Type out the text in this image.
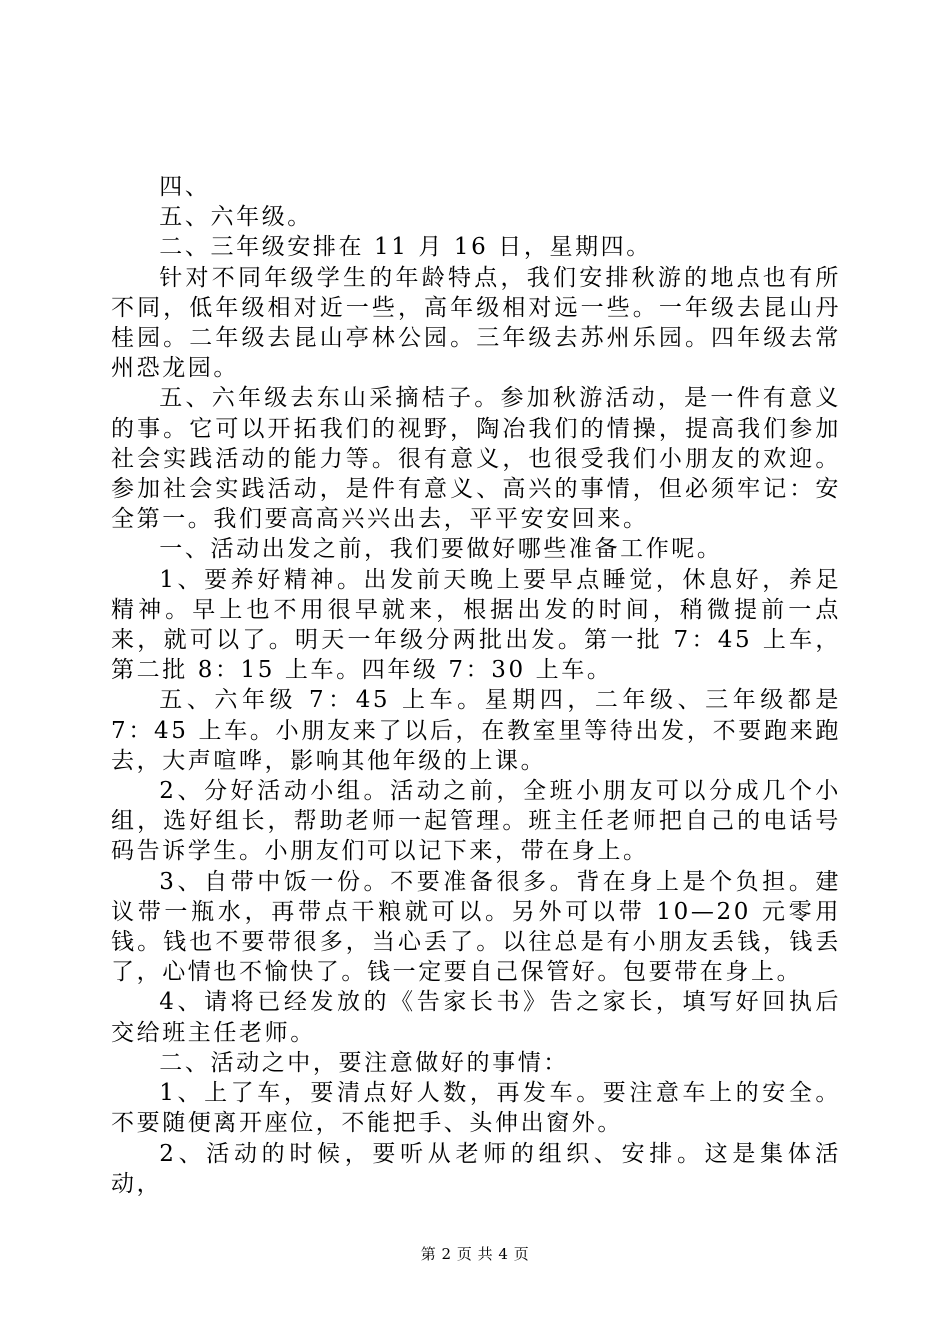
四、

五、六年级。

二、三年级安排在 11 月 16 日，星期四。

针对不同年级学生的年龄特点，我们安排秋游的地点也有所不同，低年级相对近一些，高年级相对远一些。一年级去昆山丹桂园。二年级去昆山亭林公园。三年级去苏州乐园。四年级去常州恐龙园。

五、六年级去东山采摘桔子。参加秋游活动，是一件有意义的事。它可以开拓我们的视野，陶冶我们的情操，提高我们参加社会实践活动的能力等。很有意义，也很受我们小朋友的欢迎。参加社会实践活动，是件有意义、高兴的事情，但必须牢记：安全第一。我们要高高兴兴出去，平平安安回来。

一、活动出发之前，我们要做好哪些准备工作呢。

1、要养好精神。出发前天晚上要早点睡觉，休息好，养足精神。早上也不用很早就来，根据出发的时间，稍微提前一点来，就可以了。明天一年级分两批出发。第一批 7：45 上车，第二批 8：15 上车。四年级 7：30 上车。

五、六年级 7：45 上车。星期四，二年级、三年级都是 7：45 上车。小朋友来了以后，在教室里等待出发，不要跑来跑去，大声喧哗，影响其他年级的上课。

2、分好活动小组。活动之前，全班小朋友可以分成几个小组，选好组长，帮助老师一起管理。班主任老师把自己的电话号码告诉学生。小朋友们可以记下来，带在身上。

3、自带中饭一份。不要准备很多。背在身上是个负担。建议带一瓶水，再带点干粮就可以。另外可以带 10—20 元零用钱。钱也不要带很多，当心丢了。以往总是有小朋友丢钱，钱丢了，心情也不愉快了。钱一定要自己保管好。包要带在身上。

4、请将已经发放的《告家长书》告之家长，填写好回执后交给班主任老师。

二、活动之中，要注意做好的事情：

1、上了车，要清点好人数，再发车。要注意车上的安全。不要随便离开座位，不能把手、头伸出窗外。

2、活动的时候，要听从老师的组织、安排。这是集体活动，

第 2 页 共 4 页
